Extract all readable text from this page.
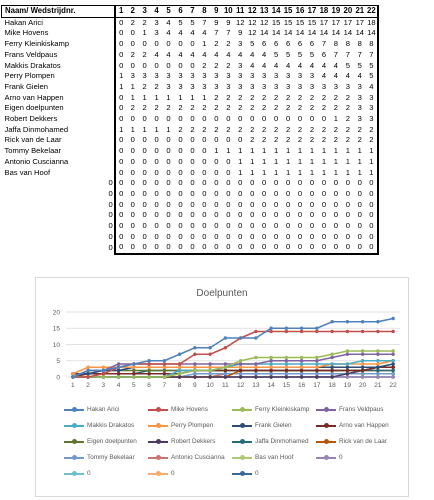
Naam/ Wedstrijdnr.	1	2	3	4	5	6	7	8	9	10	11	12	13	14	15	16	17	18	19	20	21	22
Hakan Arici	0	2	2	3	4	5	5	7	9	9	12	12	12	15	15	15	15	17	17	17	17	18
Mike Hovens	0	0	1	3	4	4	4	4	7	7	9	12	14	14	14	14	14	14	14	14	14	14
Ferry Kleinkiskamp	0	0	0	0	0	0	0	1	2	2	3	5	6	6	6	6	6	7	8	8	8	8
Frans Veldpaus	0	2	2	4	4	4	4	4	4	4	4	4	4	5	5	5	5	6	7	7	7	7
Makkis Drakatos	0	0	0	0	0	0	0	2	2	2	3	4	4	4	4	4	4	4	4	5	5	5
Perry Plompen	1	3	3	3	3	3	3	3	3	3	3	3	3	3	3	3	3	4	4	4	4	5
Frank Gielen	1	1	2	2	3	3	3	3	3	3	3	3	3	3	3	3	3	3	3	3	3	4
Arno van Happen	0	1	1	1	1	1	1	1	2	2	2	2	2	2	2	2	2	2	2	2	3	3
Eigen doelpunten	0	2	2	2	2	2	2	2	2	2	2	2	2	2	2	2	2	2	2	2	3	3
Robert Dekkers	0	0	0	0	0	0	0	0	0	0	0	0	0	0	0	0	0	0	1	2	3	3
Jaffa Dinmohamed	1	1	1	1	1	2	2	2	2	2	2	2	2	2	2	2	2	2	2	2	2	2
Rick van de Laar	0	0	0	0	0	0	0	0	0	0	0	2	2	2	2	2	2	2	2	2	2	2
Tommy Bekelaar	0	0	0	0	0	0	0	0	1	1	1	1	1	1	1	1	1	1	1	1	1	1
Antonio Cuscianna	0	0	0	0	0	0	0	0	0	0	1	1	1	1	1	1	1	1	1	1	1	1
Bas van Hoof	0	0	0	0	0	0	0	0	0	0	1	1	1	1	1	1	1	1	1	1	1	1
0	0	0	0	0	0	0	0	0	0	0	0	0	0	0	0	0	0	0	0	0	0	0
0	0	0	0	0	0	0	0	0	0	0	0	0	0	0	0	0	0	0	0	0	0	0
0	0	0	0	0	0	0	0	0	0	0	0	0	0	0	0	0	0	0	0	0	0	0
0	0	0	0	0	0	0	0	0	0	0	0	0	0	0	0	0	0	0	0	0	0	0
0	0	0	0	0	0	0	0	0	0	0	0	0	0	0	0	0	0	0	0	0	0	0
0	0	0	0	0	0	0	0	0	0	0	0	0	0	0	0	0	0	0	0	0	0	0
0	0	0	0	0	0	0	0	0	0	0	0	0	0	0	0	0	0	0	0	0	0	0
0
5
10
15
20
1 2 3 4 5 6 7 8 9 10 11 12 13 14 15 16 17 18 19 20 21 22
Doelpunten
Hakan Arici	Mike Hovens	Ferry Kleinkiskamp	Frans Veldpaus
Makkis Drakatos	Perry Plompen	Frank Gielen	Arno van Happen
Eigen doelpunten	Robert Dekkers	Jaffa Dinmohamed	Rick van de Laar
Tommy Bekelaar	Antonio Cuscianna	Bas van Hoof	0
0	0	0
